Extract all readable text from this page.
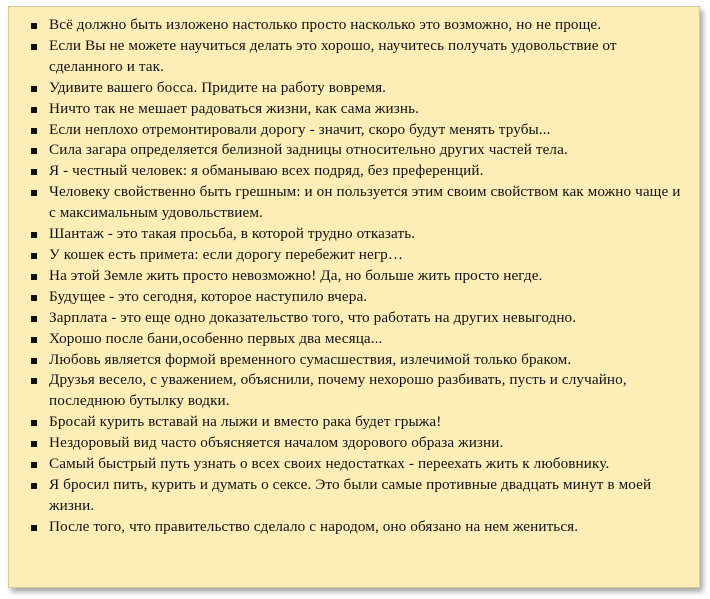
Всё должно быть изложено настолько просто насколько это возможно, но не проще.
Если Вы не можете научиться делать это хорошо, научитесь получать удовольствие от сделанного и так.
Удивите вашего босса. Придите на работу вовремя.
Ничто так не мешает радоваться жизни, как сама жизнь.
Если неплохо отремонтировали дорогу - значит, скоро будут менять трубы...
Сила загара определяется белизной задницы относительно других частей тела.
Я - честный человек: я обманываю всех подряд, без преференций.
Человеку свойственно быть грешным: и он пользуется этим своим свойством как можно чаще и с максимальным удовольствием.
Шантаж - это такая просьба, в которой трудно отказать.
У кошек есть примета: если дорогу перебежит негр…
На этой Земле жить просто невозможно! Да, но больше жить просто негде.
Будущее - это сегодня, которое наступило вчера.
Зарплата - это еще одно доказательство того, что работать на других невыгодно.
Хорошо после бани,особенно первых два месяца...
Любовь является формой временного сумасшествия, излечимой только браком.
Друзья весело, с уважением, объяснили, почему нехорошо разбивать, пусть и случайно, последнюю бутылку водки.
Бросай курить вставай на лыжи и вместо рака будет грыжа!
Нездоровый вид часто объясняется началом здорового образа жизни.
Самый быстрый путь узнать о всех своих недостатках - переехать жить к любовнику.
Я бросил пить, курить и думать о сексе. Это были самые противные двадцать минут в моей жизни.
После того, что правительство сделало с народом, оно обязано на нем жениться.
